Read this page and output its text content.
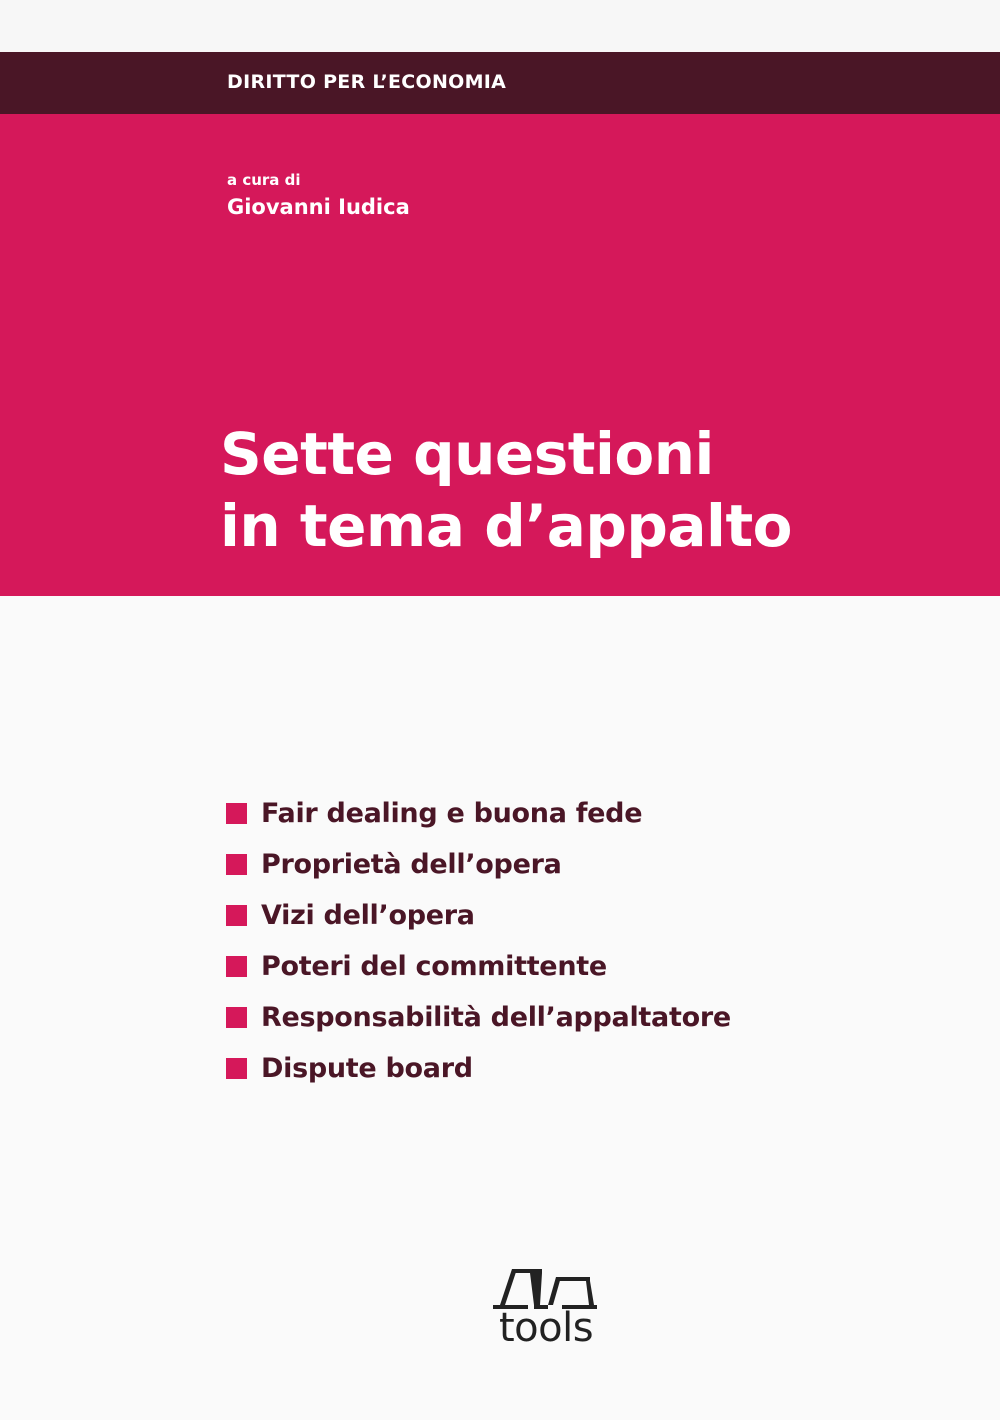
DIRITTO PER L’ECONOMIA
a cura di
Giovanni Iudica
Sette questioni
in tema d’appalto
Fair dealing e buona fede
Proprietà dell’opera
Vizi dell’opera
Poteri del committente
Responsabilità dell’appaltatore
Dispute board
tools
